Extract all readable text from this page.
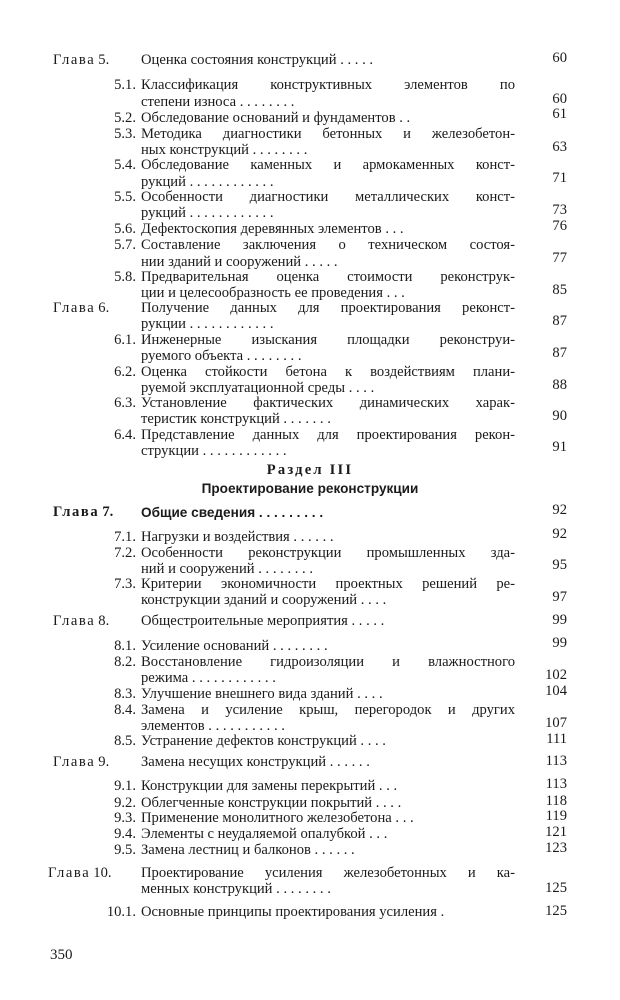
Глава 5. Оценка состояния конструкций . . . . .	60
5.1. Классификация конструктивных элементов по
степени износа . . . . . . . .	60
5.2. Обследование оснований и фундаментов . .	61
5.3. Методика диагностики бетонных и железобетон-
ных конструкций . . . . . . . .	63
5.4. Обследование каменных и армокаменных конст-
рукций . . . . . . . . . . . .	71
5.5. Особенности диагностики металлических конст-
рукций . . . . . . . . . . . .	73
5.6. Дефектоскопия деревянных элементов . . .	76
5.7. Составление заключения о техническом состоя-
нии зданий и сооружений . . . . .	77
5.8. Предварительная оценка стоимости реконструк-
ции и целесообразность ее проведения . . .	85
Глава 6. Получение данных для проектирования реконст-
рукции . . . . . . . . . . . .	87
6.1. Инженерные изыскания площадки реконструи-
руемого объекта . . . . . . . .	87
6.2. Оценка стойкости бетона к воздействиям плани-
руемой эксплуатационной среды . . . .	88
6.3. Установление фактических динамических харак-
теристик конструкций . . . . . . .	90
6.4. Представление данных для проектирования рекон-
струкции . . . . . . . . . . . .	91
Раздел III
Проектирование реконструкции
Глава 7. Общие сведения . . . . . . . . .	92
7.1. Нагрузки и воздействия . . . . . .	92
7.2. Особенности реконструкции промышленных зда-
ний и сооружений . . . . . . . .	95
7.3. Критерии экономичности проектных решений ре-
конструкции зданий и сооружений . . . .	97
Глава 8. Общестроительные мероприятия . . . . .	99
8.1. Усиление оснований . . . . . . . .	99
8.2. Восстановление гидроизоляции и влажностного
режима . . . . . . . . . . . .	102
8.3. Улучшение внешнего вида зданий . . . .	104
8.4. Замена и усиление крыш, перегородок и других
элементов . . . . . . . . . . .	107
8.5. Устранение дефектов конструкций . . . .	111
Глава 9. Замена несущих конструкций . . . . . .	113
9.1. Конструкции для замены перекрытий . . .	113
9.2. Облегченные конструкции покрытий . . . .	118
9.3. Применение монолитного железобетона . . .	119
9.4. Элементы с неудаляемой опалубкой . . .	121
9.5. Замена лестниц и балконов . . . . . .	123
Глава 10. Проектирование усиления железобетонных и ка-
менных конструкций . . . . . . . .	125
10.1. Основные принципы проектирования усиления .	125
350
